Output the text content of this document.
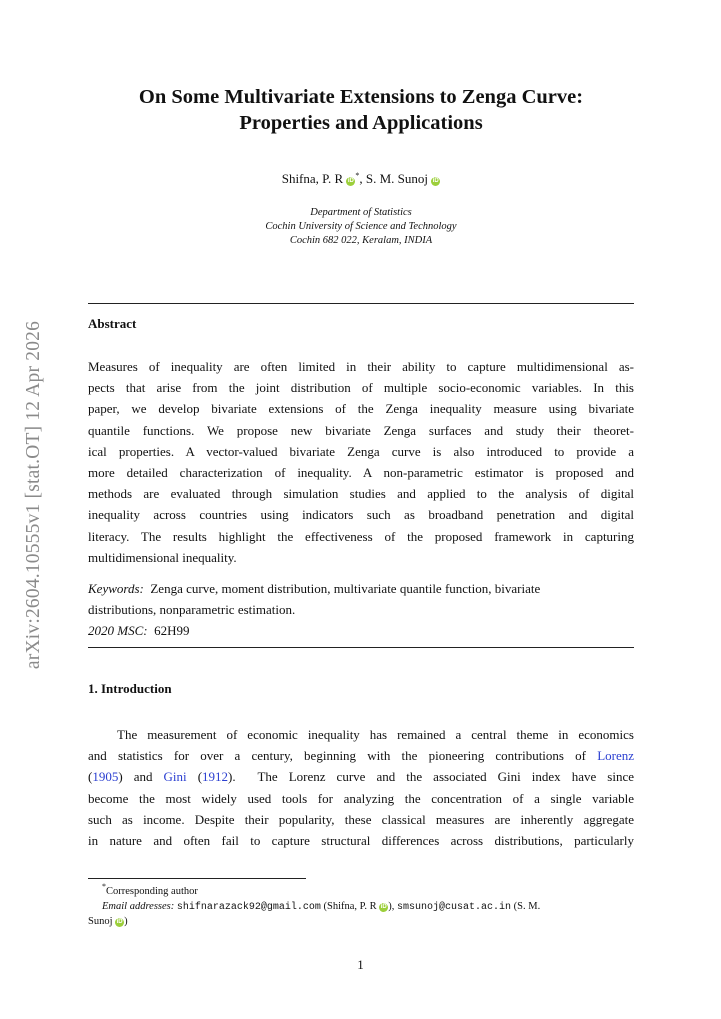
arXiv:2604.10555v1 [stat.OT] 12 Apr 2026
On Some Multivariate Extensions to Zenga Curve:
Properties and Applications
Shifna, P. R iD*, S. M. Sunoj iD
Department of Statistics
Cochin University of Science and Technology
Cochin 682 022, Keralam, INDIA
Abstract
Measures of inequality are often limited in their ability to capture multidimensional as-
pects that arise from the joint distribution of multiple socio-economic variables. In this
paper, we develop bivariate extensions of the Zenga inequality measure using bivariate
quantile functions. We propose new bivariate Zenga surfaces and study their theoret-
ical properties. A vector-valued bivariate Zenga curve is also introduced to provide a
more detailed characterization of inequality. A non-parametric estimator is proposed and
methods are evaluated through simulation studies and applied to the analysis of digital
inequality across countries using indicators such as broadband penetration and digital
literacy. The results highlight the effectiveness of the proposed framework in capturing
multidimensional inequality.
Keywords: Zenga curve, moment distribution, multivariate quantile function, bivariate
distributions, nonparametric estimation.
2020 MSC: 62H99
1. Introduction
The measurement of economic inequality has remained a central theme in economics
and statistics for over a century, beginning with the pioneering contributions of Lorenz
(1905) and Gini (1912).  The Lorenz curve and the associated Gini index have since
become the most widely used tools for analyzing the concentration of a single variable
such as income. Despite their popularity, these classical measures are inherently aggregate
in nature and often fail to capture structural differences across distributions, particularly
*Corresponding author
Email addresses: shifnarazack92@gmail.com (Shifna, P. R iD ), smsunoj@cusat.ac.in (S. M.
Sunoj iD )
1
